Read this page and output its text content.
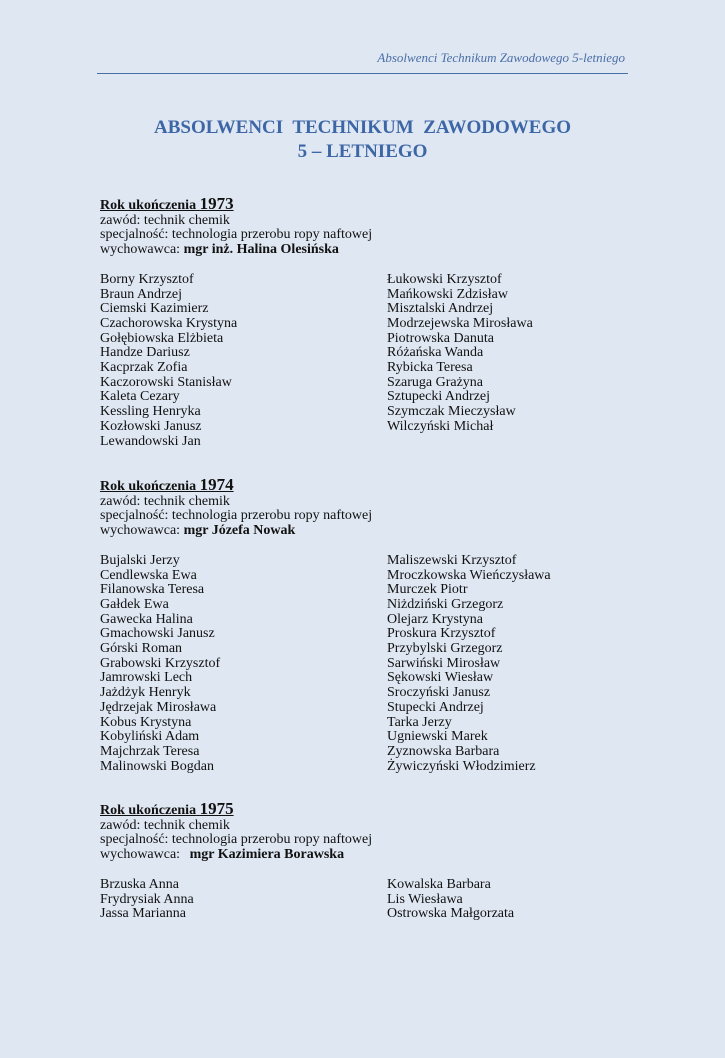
Absolwenci Technikum Zawodowego 5-letniego
ABSOLWENCI  TECHNIKUM  ZAWODOWEGO
5 – LETNIEGO
Rok ukończenia 1973
zawód: technik chemik
specjalność: technologia przerobu ropy naftowej
wychowawca: mgr inż. Halina Olesińska
Borny Krzysztof
Braun Andrzej
Ciemski Kazimierz
Czachorowska Krystyna
Gołębiowska Elżbieta
Handze Dariusz
Kacprzak Zofia
Kaczorowski Stanisław
Kaleta Cezary
Kessling Henryka
Kozłowski Janusz
Lewandowski Jan
Łukowski Krzysztof
Mańkowski Zdzisław
Misztalski Andrzej
Modrzejewska Mirosława
Piotrowska Danuta
Różańska Wanda
Rybicka Teresa
Szaruga Grażyna
Sztupecki Andrzej
Szymczak Mieczysław
Wilczyński Michał
Rok ukończenia 1974
zawód: technik chemik
specjalność: technologia przerobu ropy naftowej
wychowawca: mgr Józefa Nowak
Bujalski Jerzy
Cendlewska Ewa
Filanowska Teresa
Gałdek Ewa
Gawecka Halina
Gmachowski Janusz
Górski Roman
Grabowski Krzysztof
Jamrowski Lech
Jażdżyk Henryk
Jędrzejak Mirosława
Kobus Krystyna
Kobyliński Adam
Majchrzak Teresa
Malinowski Bogdan
Maliszewski Krzysztof
Mroczkowska Wieńczysława
Murczek Piotr
Niżdziński Grzegorz
Olejarz Krystyna
Proskura Krzysztof
Przybylski Grzegorz
Sarwiński Mirosław
Sękowski Wiesław
Sroczyński Janusz
Stupecki Andrzej
Tarka Jerzy
Ugniewski Marek
Zyznowska Barbara
Żywiczyński Włodzimierz
Rok ukończenia 1975
zawód: technik chemik
specjalność: technologia przerobu ropy naftowej
wychowawca: mgr Kazimiera Borawska
Brzuska Anna
Frydrysiak Anna
Jassa Marianna
Kowalska Barbara
Lis Wiesława
Ostrowska Małgorzata
